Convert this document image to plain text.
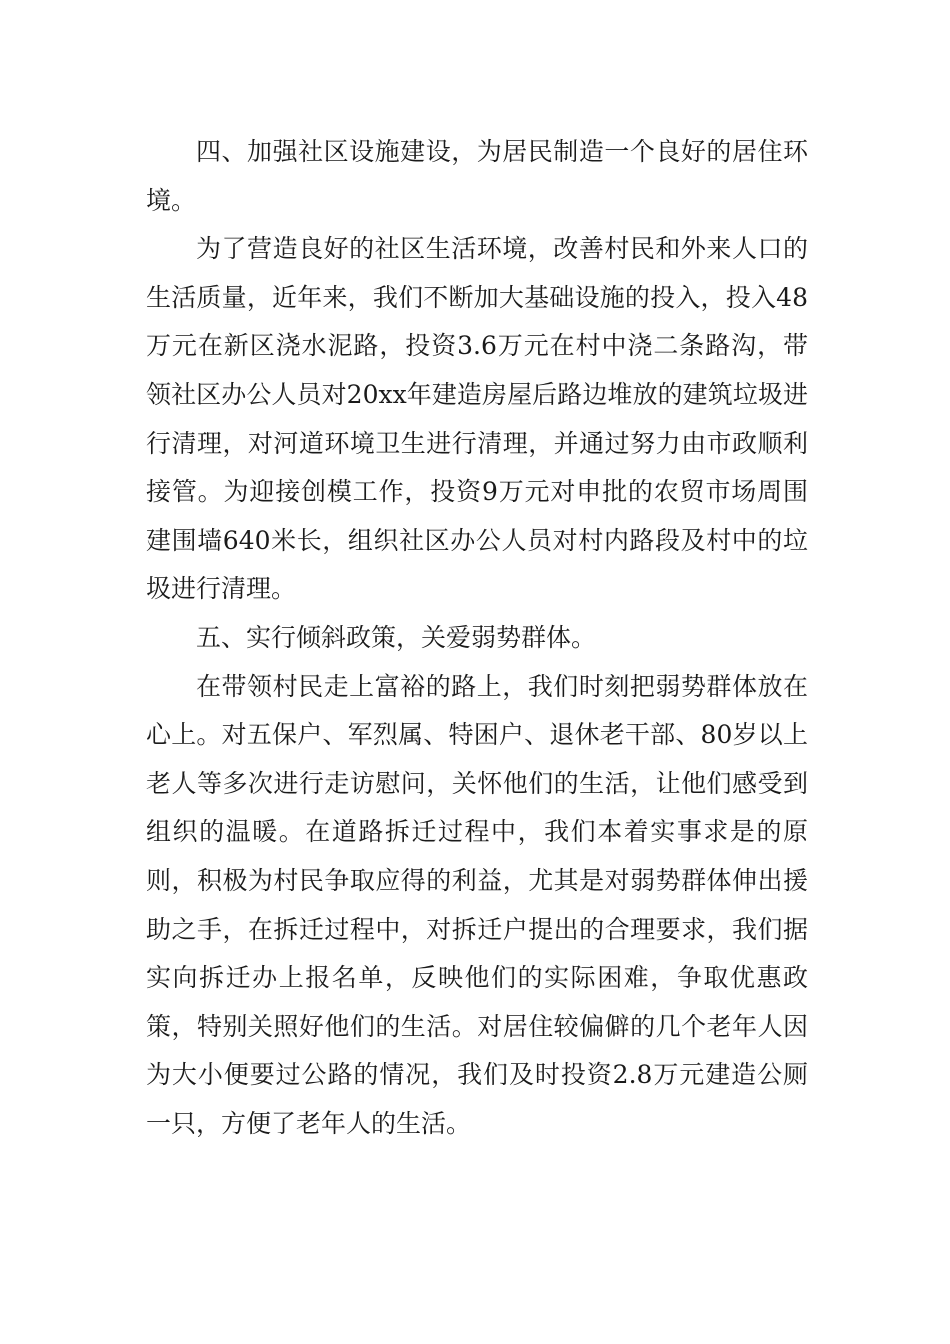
四、加强社区设施建设，为居民制造一个良好的居住环境。

为了营造良好的社区生活环境，改善村民和外来人口的生活质量，近年来，我们不断加大基础设施的投入，投入48万元在新区浇水泥路，投资3.6万元在村中浇二条路沟，带领社区办公人员对20xx年建造房屋后路边堆放的建筑垃圾进行清理，对河道环境卫生进行清理，并通过努力由市政顺利接管。为迎接创模工作，投资9万元对申批的农贸市场周围建围墙640米长，组织社区办公人员对村内路段及村中的垃圾进行清理。

五、实行倾斜政策，关爱弱势群体。

在带领村民走上富裕的路上，我们时刻把弱势群体放在心上。对五保户、军烈属、特困户、退休老干部、80岁以上老人等多次进行走访慰问，关怀他们的生活，让他们感受到组织的温暖。在道路拆迁过程中，我们本着实事求是的原则，积极为村民争取应得的利益，尤其是对弱势群体伸出援助之手，在拆迁过程中，对拆迁户提出的合理要求，我们据实向拆迁办上报名单，反映他们的实际困难，争取优惠政策，特别关照好他们的生活。对居住较偏僻的几个老年人因为大小便要过公路的情况，我们及时投资2.8万元建造公厕一只，方便了老年人的生活。
